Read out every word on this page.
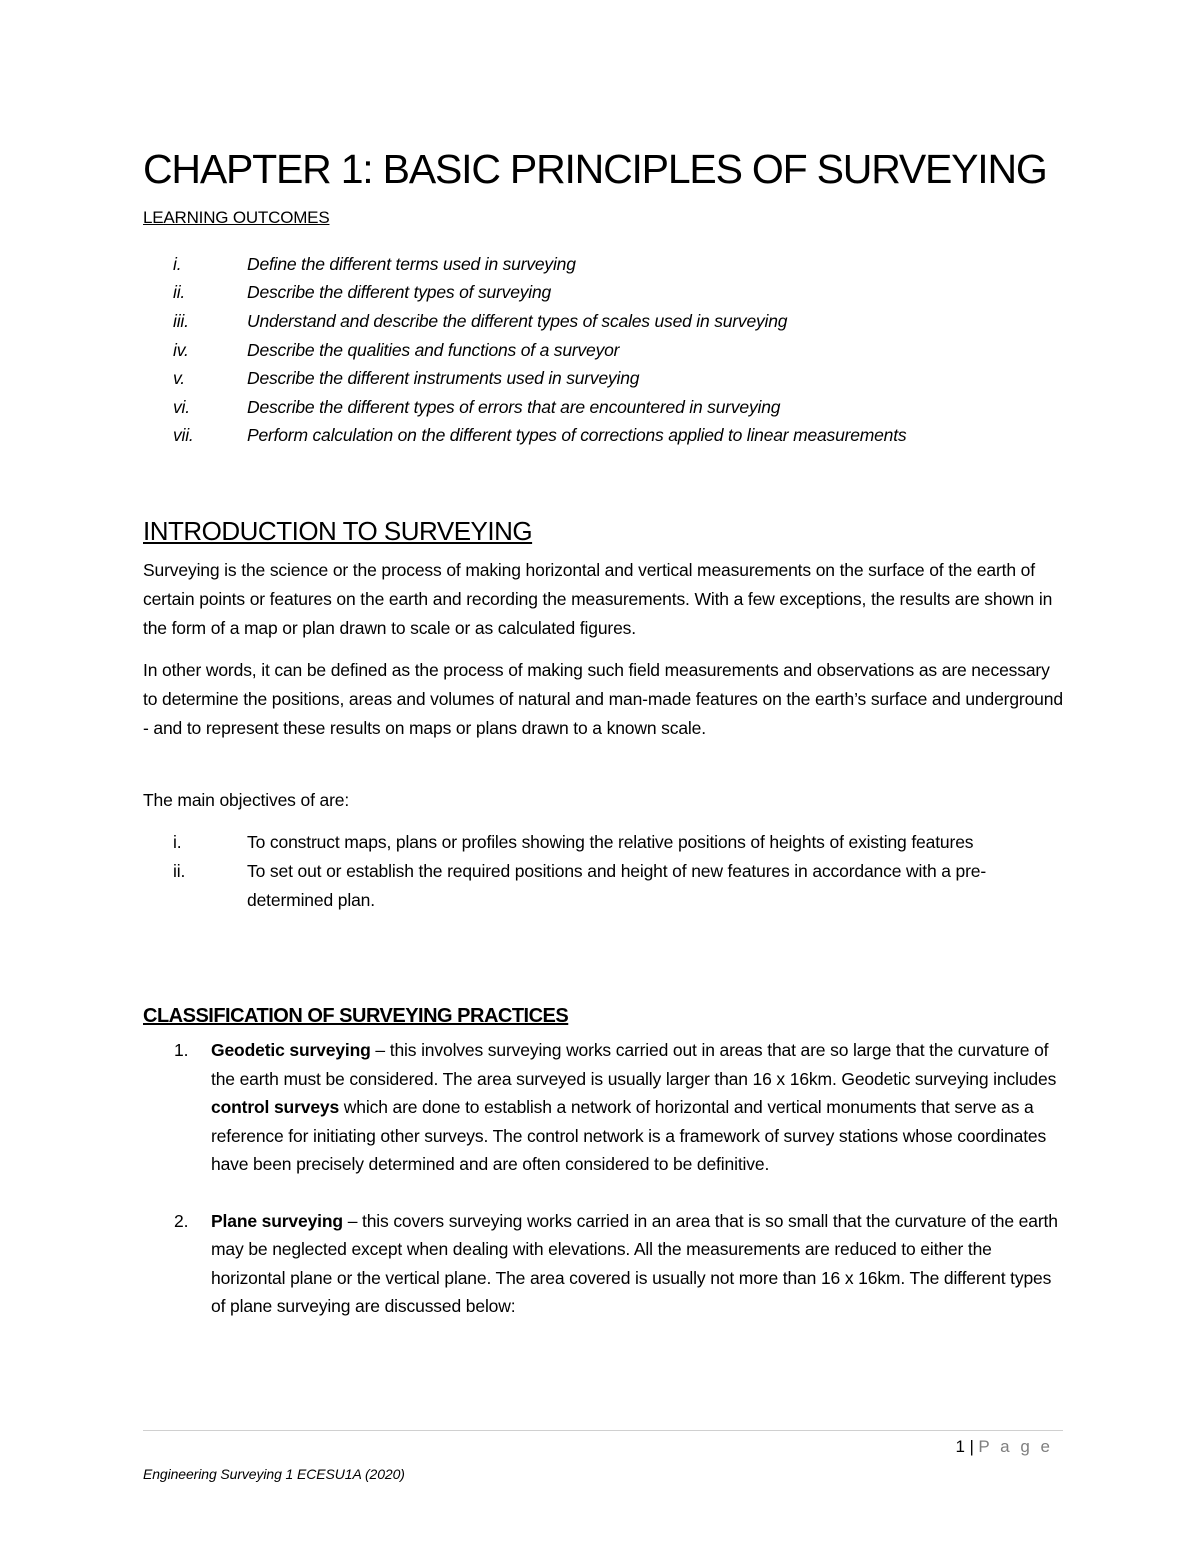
CHAPTER 1: BASIC PRINCIPLES OF SURVEYING
LEARNING OUTCOMES
i.	Define the different terms used in surveying
ii.	Describe the different types of surveying
iii.	Understand and describe the different types of scales used in surveying
iv.	Describe the qualities and functions of a surveyor
v.	Describe the different instruments used in surveying
vi.	Describe the different types of errors that are encountered in surveying
vii.	Perform calculation on the different types of corrections applied to linear measurements
INTRODUCTION TO SURVEYING

Surveying is the science or the process of making horizontal and vertical measurements on the surface of the earth of certain points or features on the earth and recording the measurements. With a few exceptions, the results are shown in the form of a map or plan drawn to scale or as calculated figures.

In other words, it can be defined as the process of making such field measurements and observations as are necessary to determine the positions, areas and volumes of natural and man-made features on the earth’s surface and underground - and to represent these results on maps or plans drawn to a known scale.

The main objectives of are:

i.	To construct maps, plans or profiles showing the relative positions of heights of existing features
ii.	To set out or establish the required positions and height of new features in accordance with a pre-determined plan.
CLASSIFICATION OF SURVEYING PRACTICES
1.	Geodetic surveying – this involves surveying works carried out in areas that are so large that the curvature of the earth must be considered. The area surveyed is usually larger than 16 x 16km. Geodetic surveying includes control surveys which are done to establish a network of horizontal and vertical monuments that serve as a reference for initiating other surveys. The control network is a framework of survey stations whose coordinates have been precisely determined and are often considered to be definitive.
2.	Plane surveying – this covers surveying works carried in an area that is so small that the curvature of the earth may be neglected except when dealing with elevations. All the measurements are reduced to either the horizontal plane or the vertical plane. The area covered is usually not more than 16 x 16km. The different types of plane surveying are discussed below:
1 | P a g e
Engineering Surveying 1 ECESU1A (2020)
